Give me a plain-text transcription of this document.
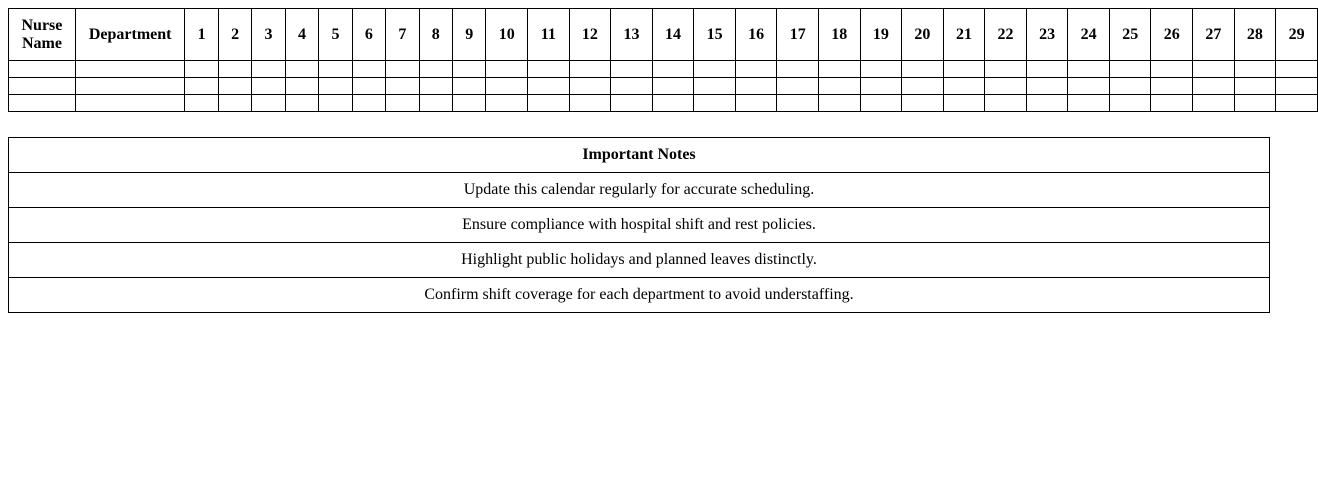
Nurse Name	Department	1	2	3	4	5	6	7	8	9	10	11	12	13	14	15	16	17	18	19	20	21	22	23	24	25	26	27	28	29

Important Notes
Update this calendar regularly for accurate scheduling.
Ensure compliance with hospital shift and rest policies.
Highlight public holidays and planned leaves distinctly.
Confirm shift coverage for each department to avoid understaffing.
